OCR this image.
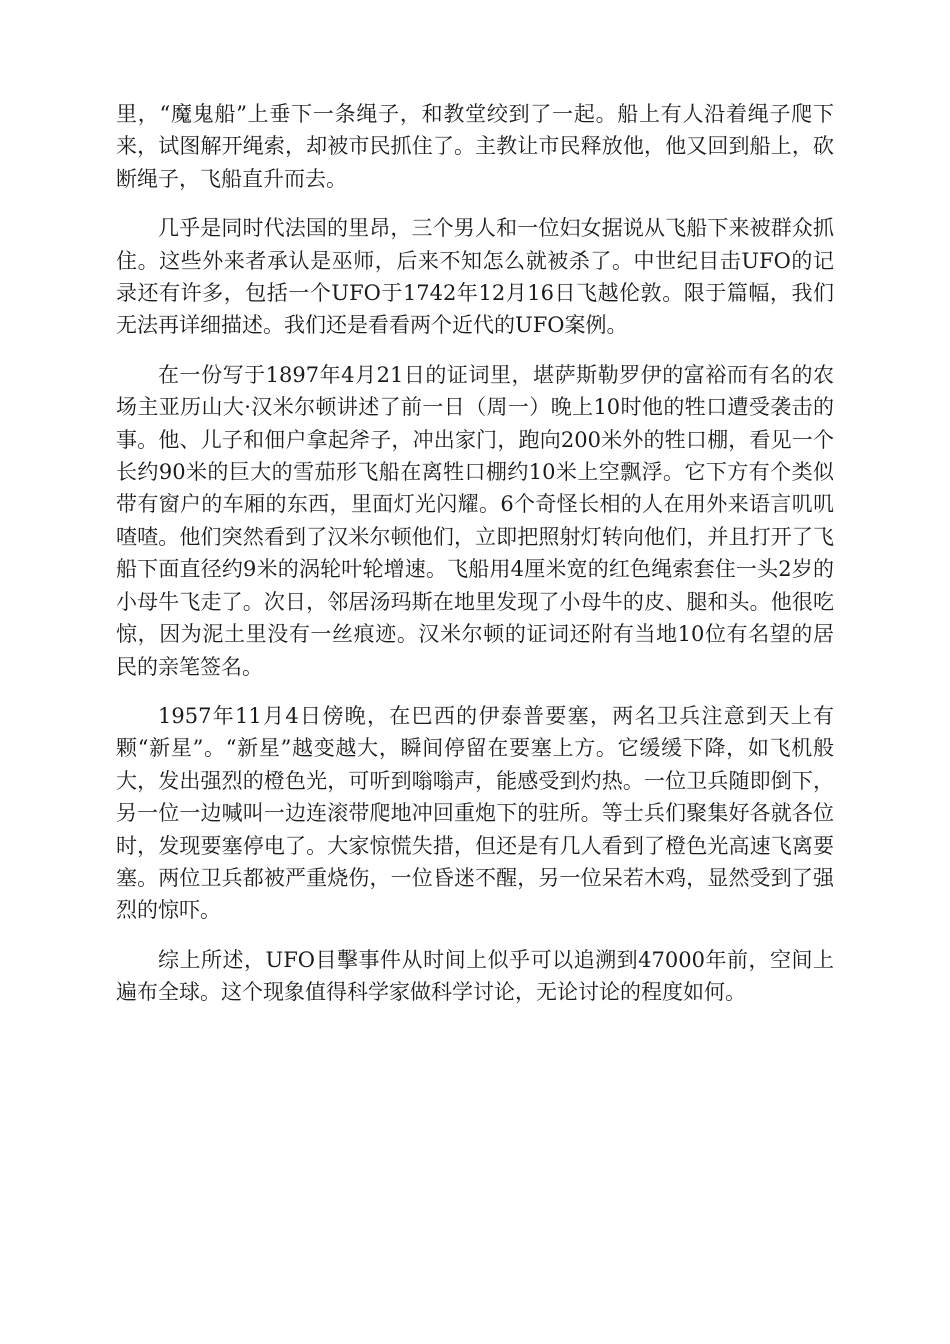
里，“魔鬼船”上垂下一条绳子，和教堂绞到了一起。船上有人沿着绳子爬下来，试图解开绳索，却被市民抓住了。主教让市民释放他，他又回到船上，砍断绳子，飞船直升而去。

几乎是同时代法国的里昂，三个男人和一位妇女据说从飞船下来被群众抓住。这些外来者承认是巫师，后来不知怎么就被杀了。中世纪目击UFO的记录还有许多，包括一个UFO于1742年12月16日飞越伦敦。限于篇幅，我们无法再详细描述。我们还是看看两个近代的UFO案例。

在一份写于1897年4月21日的证词里，堪萨斯勒罗伊的富裕而有名的农场主亚历山大·汉米尔顿讲述了前一日（周一）晚上10时他的牲口遭受袭击的事。他、儿子和佃户拿起斧子，冲出家门，跑向200米外的牲口棚，看见一个长约90米的巨大的雪茄形飞船在离牲口棚约10米上空飘浮。它下方有个类似带有窗户的车厢的东西，里面灯光闪耀。6个奇怪长相的人在用外来语言叽叽喳喳。他们突然看到了汉米尔顿他们，立即把照射灯转向他们，并且打开了飞船下面直径约9米的涡轮叶轮增速。飞船用4厘米宽的红色绳索套住一头2岁的小母牛飞走了。次日，邻居汤玛斯在地里发现了小母牛的皮、腿和头。他很吃惊，因为泥土里没有一丝痕迹。汉米尔顿的证词还附有当地10位有名望的居民的亲笔签名。

1957年11月4日傍晚，在巴西的伊泰普要塞，两名卫兵注意到天上有颗“新星”。“新星”越变越大，瞬间停留在要塞上方。它缓缓下降，如飞机般大，发出强烈的橙色光，可听到嗡嗡声，能感受到灼热。一位卫兵随即倒下，另一位一边喊叫一边连滚带爬地冲回重炮下的驻所。等士兵们聚集好各就各位时，发现要塞停电了。大家惊慌失措，但还是有几人看到了橙色光高速飞离要塞。两位卫兵都被严重烧伤，一位昏迷不醒，另一位呆若木鸡，显然受到了强烈的惊吓。

综上所述，UFO目擊事件从时间上似乎可以追溯到47000年前，空间上遍布全球。这个现象值得科学家做科学讨论，无论讨论的程度如何。
